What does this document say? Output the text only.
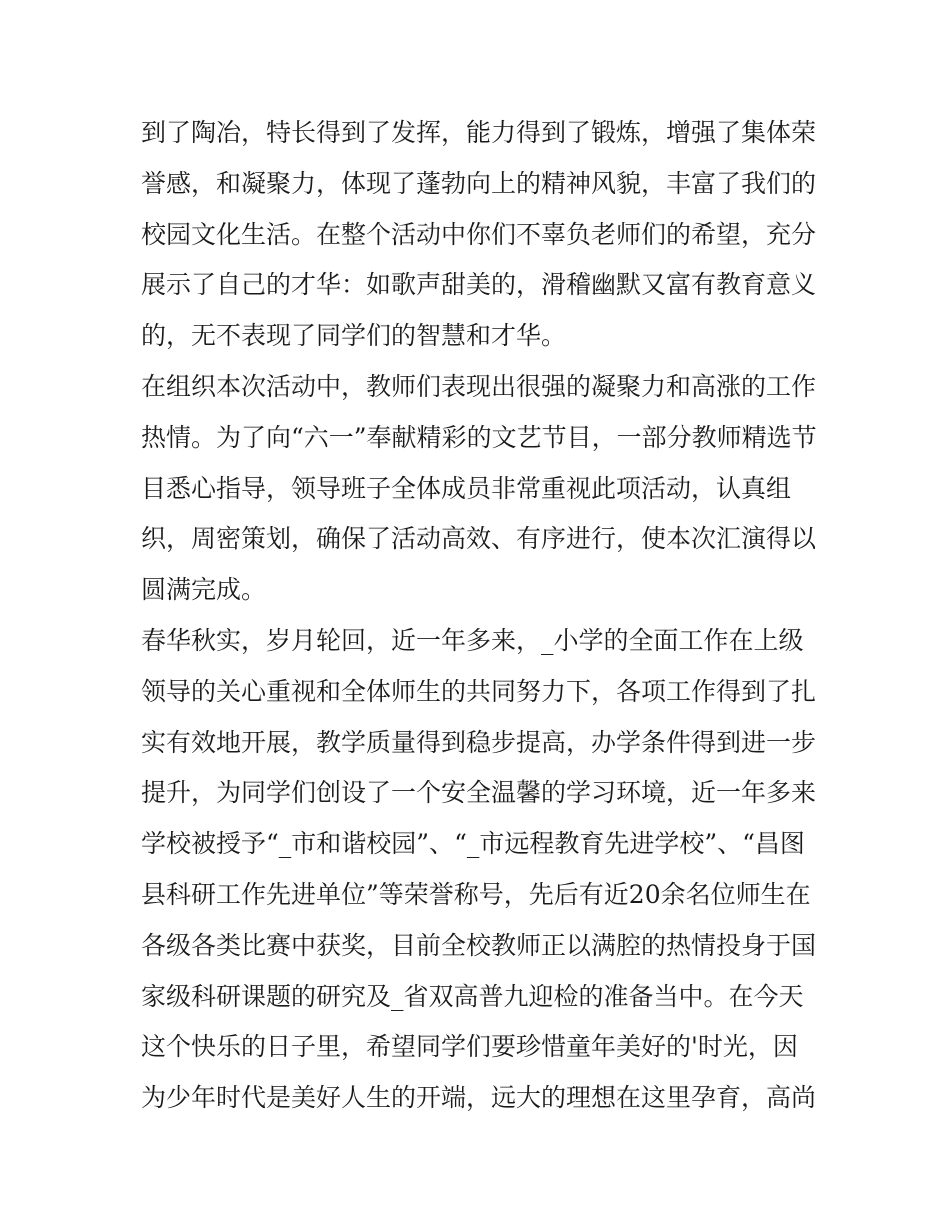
到了陶冶，特长得到了发挥，能力得到了锻炼，增强了集体荣
誉感，和凝聚力，体现了蓬勃向上的精神风貌，丰富了我们的
校园文化生活。在整个活动中你们不辜负老师们的希望，充分
展示了自己的才华：如歌声甜美的，滑稽幽默又富有教育意义
的，无不表现了同学们的智慧和才华。
在组织本次活动中，教师们表现出很强的凝聚力和高涨的工作
热情。为了向“六一”奉献精彩的文艺节目，一部分教师精选节
目悉心指导，领导班子全体成员非常重视此项活动，认真组
织，周密策划，确保了活动高效、有序进行，使本次汇演得以
圆满完成。
春华秋实，岁月轮回，近一年多来，_小学的全面工作在上级
领导的关心重视和全体师生的共同努力下，各项工作得到了扎
实有效地开展，教学质量得到稳步提高，办学条件得到进一步
提升，为同学们创设了一个安全温馨的学习环境，近一年多来
学校被授予“_市和谐校园”、“_市远程教育先进学校”、“昌图
县科研工作先进单位”等荣誉称号，先后有近20余名位师生在
各级各类比赛中获奖，目前全校教师正以满腔的热情投身于国
家级科研课题的研究及_省双高普九迎检的准备当中。在今天
这个快乐的日子里，希望同学们要珍惜童年美好的'时光，因
为少年时代是美好人生的开端，远大的理想在这里孕育，高尚
